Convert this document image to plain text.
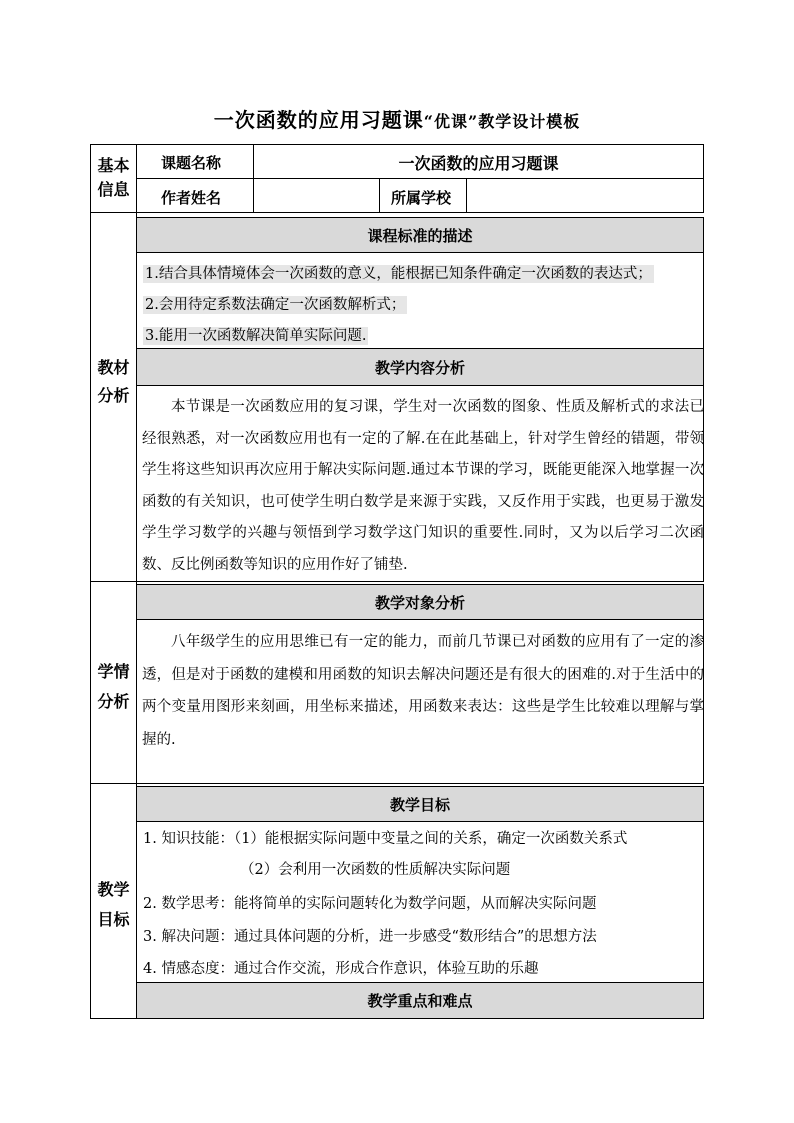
一次函数的应用习题课“优课”教学设计模板
基本信息
课题名称	一次函数的应用习题课
作者姓名	所属学校
教材分析
课程标准的描述
1.结合具体情境体会一次函数的意义，能根据已知条件确定一次函数的表达式；
2.会用待定系数法确定一次函数解析式；
3.能用一次函数解决简单实际问题.
教学内容分析
本节课是一次函数应用的复习课，学生对一次函数的图象、性质及解析式的求法已经很熟悉，对一次函数应用也有一定的了解.在在此基础上，针对学生曾经的错题，带领学生将这些知识再次应用于解决实际问题.通过本节课的学习，既能更能深入地掌握一次函数的有关知识，也可使学生明白数学是来源于实践，又反作用于实践，也更易于激发学生学习数学的兴趣与领悟到学习数学这门知识的重要性.同时，又为以后学习二次函数、反比例函数等知识的应用作好了铺垫.
学情分析
教学对象分析
八年级学生的应用思维已有一定的能力，而前几节课已对函数的应用有了一定的渗透，但是对于函数的建模和用函数的知识去解决问题还是有很大的困难的.对于生活中的两个变量用图形来刻画，用坐标来描述，用函数来表达：这些是学生比较难以理解与掌握的.
教学目标
教学目标
1. 知识技能：（1）能根据实际问题中变量之间的关系，确定一次函数关系式
（2）会利用一次函数的性质解决实际问题
2. 数学思考：能将简单的实际问题转化为数学问题，从而解决实际问题
3. 解决问题：通过具体问题的分析，进一步感受“数形结合”的思想方法
4. 情感态度：通过合作交流，形成合作意识，体验互助的乐趣
教学重点和难点
